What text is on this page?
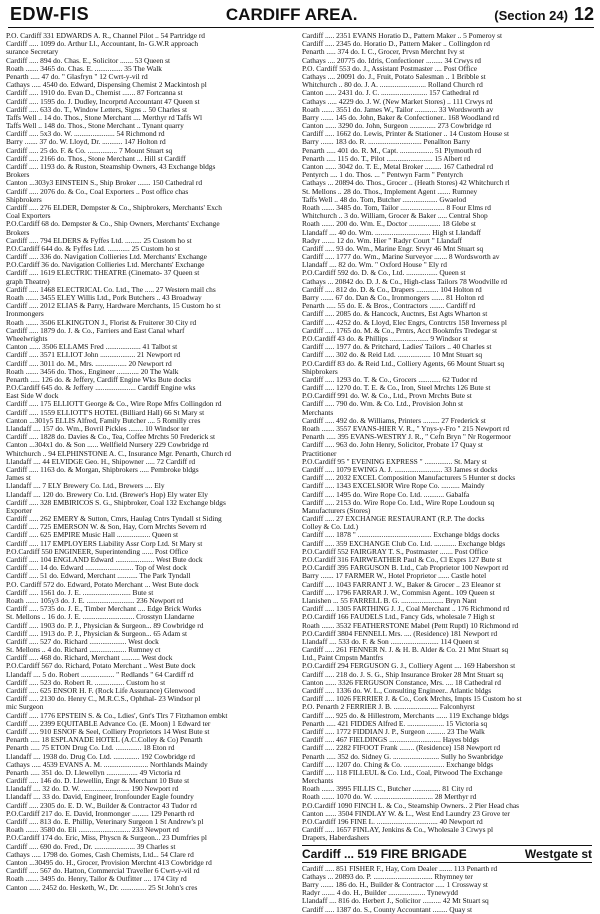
EDW-FIS	CARDIFF AREA.	(Section 24) 12
P.O. Cardiff 331 EDWARDS A. R., Channel Pilot .. 54 Partridge rd
Cardiff ..... 1099 do. Arthur Ll., Accountant, In- G.W.R approach
surance Secretary
Cardiff ..... 894 do. Chas. E., Solicitor ....... 53 Queen st
Roath ....... 3465 do. Chas. E. ............... 35 The Walk
Penarth ..... 47 do. " Glasfryn " 12 Cwrt-y-vil rd
Cathays ..... 4540 do. Edward, Dispensing Chemist 2 Mackintosh pl
Cardiff ..... 1910 do. Evan D., Chemist ....... 87 Fortcanna st
Cardiff ..... 1595 do. J. Dudley, Incorprtd Accountant 47 Queen st
Cardiff ..... 633 do. T., Window Letters, Signs .. 50 Charles st
Taffs Well .. 14 do. Thos., Stone Merchant .... Merthyr rd Taffs Wl
Taffs Well .. 148 do. Thos., Stone Merchant .. Tynant quarry
Cardiff ..... 5x3 do. W. ...................... 54 Richmond rd
Barry ....... 37 do. W. Lloyd, Dr. ........... 147 Holton rd
Cardiff ..... 25 do. F. & Co. ................ 7 Mount Stuart sq
Cardiff ..... 2166 do. Thos., Stone Merchant ... Hill st Cardiff
Cardiff ..... 1193 do. & Ruston, Steamship Owners, 43 Exchange bldgs
Brokers
Canton ...303y3 EINSTEIN S., Ship Broker ....... 150 Cathedral rd
Cardiff ..... 2076 do. & Co., Coal Exporters .. Post office chas
Shipbrokers
Cardiff ..... 276 ELDER, Dempster & Co., Shipbrokers, Merchants' Exch
Coal Exporters
P.O.Cardiff 68 do. Dempster & Co., Ship Owners, Merchants' Exchange
Brokers
Cardiff ..... 794 ELDERS & Fyffes Ltd. ......... 25 Custom ho st
P.O.Cardiff 644 do. & Fyffes Ltd. ............ 25 Custom ho st
Cardiff ..... 336 do. Navigation Collieries Ltd. Merchants' Exchange
P.O.Cardiff 36 do. Navigation Collieries Ltd. Merchants' Exchange
Cardiff ..... 1619 ELECTRIC THEATRE (Cinemato- 37 Queen st
graph Theatre)
Cardiff ..... 1468 ELECTRICAL Co. Ltd., The ..... 27 Western mail chs
Roath ....... 3455 ELEY Willis Ltd., Pork Butchers .. 43 Broadway
Cardiff ..... 2012 ELIAS & Parry, Hardware Merchants, 15 Custom ho st
Ironmongers
Roath ....... 3506 ELKINGTON J., Florist & Fruiterer 30 City rd
Cardiff ..... 1879 do. J. & Co., Farriers and East Canal wharf
Wheelwrights
Canton ...... 3506 ELLAMS Fred ................... 41 Talbot st
Cardiff ..... 3571 ELLIOT John ................... 21 Newport rd
Cardiff ..... 3011 do. M., Mrs. ................. 20 Newport rd
Roath ....... 3456 do. Thos., Engineer ............ 20 The Walk
Penarth ..... 126 do. & Jeffery, Cardiff Engine Wks Bute docks
P.O.Cardiff 645 do. & Jeffery ...................... Cardiff Engine wks
East Side W dock
Cardiff ..... 175 ELLIOTT George & Co., Wire Rope Mfrs Collingdon rd
Cardiff ..... 1559 ELLIOTT'S HOTEL (Billiard Hall) 66 St Mary st
Canton ...301y5 ELLIS Alfred, Family Butcher .... 5 Romilly cres
Llandaff .... 157 do. Wm., Bovril Pickles ........ 10 Windsor ter
Cardiff ..... 1828 do. Davies & Co., Tea, Coffee Mrchts 50 Frederick st
Canton ...304x1 do. & Son ...... Wellfield Nursery 229 Cowbridge rd
Whitchurch .. 94 ELPHINSTONE A. C., Insurance Mgr. Penarth, Church rd
Llandaff .... 44 ELVIDGE Geo. H., Shipowner ..... 72 Cardiff rd
Cardiff ..... 1163 do. & Morgan, Shipbrokers ..... Pembroke bldgs
James st
Llandaff .... 7 ELY Brewery Co. Ltd., Brewers .... Ely
Llandaff .... 120 do. Brewery Co. Ltd. (Brewer's Hop) Ely water Ely
Cardiff ..... 328 EMBIRICOS S. G., Shipbroker, Coal 132 Exchange bldgs
Exporter
Cardiff ..... 262 EMERY & Sutton, Cmrs, Haulag Cntrs Tyndall st Siding
Cardiff ..... 725 EMERSON W. & Son, Hay, Corn Mrchts Severn rd
Cardiff ..... 625 EMPIRE Music Hall .................. Queen st
Cardiff ..... 117 EMPLOYERS Liability Assr Corp Ltd. St Mary st
P.O.Cardiff 550 ENGINEER, Superintending ...... Post Office
Cardiff ..... 104 ENGLAND Edward ..................... West Bute dock
Cardiff ..... 14 do. Edward .......................... Top of West dock
Cardiff ..... 51 do. Edward, Merchant ........... The Park Tyndall
P.O. Cardiff 572 do. Edward, Potato Merchant ... West Bute dock
Cardiff ..... 1561 do. J. E. .......................... Bute st
Roath ....... 105y3 do. J. E. .......................... 236 Newport rd
Cardiff ..... 5735 do. J. E., Timber Merchant .... Edge Brick Works
St. Mellons .. 16 do. J. E. ............................ Crosstyn Llandarne
Cardiff ..... 1903 do. P. J., Physician & Surgeon... 89 Cowbridge rd
Cardiff ..... 1913 do. P. J., Physician & Surgeon... 65 Adam st
Cardiff ..... 527 do. Richard .................... West dock
St. Mellons .. 4 do. Richard .................... Rumney ct
Cardiff ..... 468 do. Richard, Merchant .......... West dock
P.O.Cardiff 567 do. Richard, Potato Merchant .. West Bute dock
Llandaff .... 5 do. Robert .................. " Redlands " 64 Cardiff rd
Cardiff ..... 523 do. Robert R. ................ Custom ho st
Cardiff ..... 625 ENSOR H. F. (Rock Life Assurance) Glenwood
Cardiff ..... 2130 do. Henry C., M.R.C.S., Ophthal- 23 Windsor pl
mic Surgeon
Cardiff ..... 1776 EPSTEIN S. & Co., Ldies', Gnt's Tlrs 7 Fitzhamon embkt
Cardiff ..... 2399 EQUITABLE Advance Co. (E. Moon) 1 Edward ter
Cardiff ..... 910 ESNOF & Seel, Colliery Proprietors 14 West Bute st
Penarth ..... 18 ESPLANADE HOTEL (A.C.Colley & Co) Penarth
Penarth ..... 75 ETON Drug Co. Ltd. .............. 18 Eton rd
Llandaff .... 1938 do. Drug Co. Ltd. .............. 192 Cowbridge rd
Cathays ..... 4539 EVANS A. M. ........................ Northlands Maindy
Penarth ..... 351 do. D. Llewellyn ................. 49 Victoria rd
Cardiff ..... 146 do. D. Llewellin, Engr & Merchant 10 Bute st
Llandaff .... 32 do. D. W. .......................... 190 Newport rd
Llandaff .... 33 do. David, Engineer, Ironfounder Eagle foundry
Cardiff ..... 2305 do. E. D. W., Builder & Contractor 43 Tudor rd
P.O.Cardiff 217 do. E. David, Ironmonger ......... 129 Penarth rd
Cardiff ..... 813 do. E. Phillip, Veterinary Surgeon 1 St Andrew's pl
Roath ....... 3580 do. Eli ............................ 233 Newport rd
P.O.Cardiff 174 do. Eric, Miss, Physcn & Surgeon... 23 Dumfries pl
Cardiff ..... 690 do. Fred., Dr. ...................... 39 Charles st
Cathays ..... 1798 do. Gomes, Cash Chemists, Ltd... 54 Clare rd
Canton ...30495 do. H., Grocer, Provision Merchnt 413 Cowbridge rd
Cardiff ..... 567 do. Hatton, Commercial Traveller 6 Cwrt-y-vil rd
Roath ....... 3495 do. Henry, Tailor & Outfitter .... 174 City rd
Canton ...... 2452 do. Hesketh, W., Dr. .............. 25 St John's cres
Cardiff ..... 2351 EVANS Horatio D., Pattern Maker .. 5 Pomeroy st
Cardiff ..... 2345 do. Horatio D., Pattern Maker .. Collingdon rd
Penarth ..... 374 do. I. C., Grocer, Prvsn Merchnt Ivy st
Cathays .... 20775 do. Idris, Confectioner ......... 34 Crwys rd
P.O. Cardiff 553 do. J., Assistant Postmaster .... Post Office
Cathays .... 20091 do. J., Fruit, Potato Salesman .. 1 Bribble st
Whitchurch .. 80 do. J. A. ......................... Rolland Church rd
Canton ...... 2431 do. J. C. ......................... 157 Cathedral rd
Cathays ..... 4229 do. J. W. (New Market Stores) .. 111 Crwys rd
Roath ....... 3551 do. James W., Tailor ............ 33 Wordsworth av
Barry ....... 145 do. John, Baker & Confectioner.. 168 Woodland rd
Canton ...... 3290 do. John, Surgeon .............. 273 Cowbridge rd
Cardiff ..... 1662 do. Lewis, Printer & Stationer .. 14 Custom House st
Barry ....... 183 do. R. ............................. Penallton Barry
Penarth ..... 401 do. R. M., Capt. .................. 51 Plymouth rd
Penarth ..... 115 do. T., Pilot ......................... 15 Albert rd
Canton ...... 3042 do. T. E., Metal Broker ......... 167 Cathedral rd
Pentyrch .... 1 do. Thos. ... " Pentwyn Farm " Pentyrch
Cathays ... 20894 do. Thos., Grocer .. (Heath Stores) 42 Whitchurch rl
St. Mellons .. 28 do. Thos., Implement Agent ....... Rumney
Taffs Well .. 48 do. Tom, Butcher ................... Gwaelod
Roath ....... 3485 do. Tom, Tailor ........................ 8 Four Elms rd
Whitchurch .. 3 do. William, Grocer & Baker ..... Central Shop
Roath ....... 200 do. Wm. E., Doctor ................. 18 Glebe st
Llandaff .... 40 do. Wm. .............................. High st Llandaff
Radyr ....... 12 do. Wm. Hier " Radyr Court " Llandaff
Cardiff ..... 93 do. Wm., Marine Engr. Srvyr 46 Mnt Stuart sq
Cardiff ..... 1777 do. Wm., Marine Surveyor ....... 8 Wordsworth av
Llandaff .... 82 do. Wm. " Oxford House " Ely rd
P.O.Cardiff 592 do. D. & Co., Ltd. ................. Queen st
Cathays ... 20842 do. D. J. & Co., High-class Tailors 78 Woodville rd
Cardiff ..... 812 do. D. & Co., Drapers ............ 104 Holton rd
Barry ....... 67 do. Dan & Co., Ironmongers ....... 81 Holton rd
Penarth ..... 55 do. E. & Bros., Contractors ........ Cardiff rd
Cardiff ..... 2085 do. & Hancock, Auctnrs, Est Agts Wharton st
Cardiff ..... 4252 do. & Lloyd, Elec Engrs, Contrctrs 158 Inverness pl
Cardiff ..... 1765 do. M. & Co., Prntrs, Acct Bookmfrs Tredegar st
P.O.Cardiff 43 do. & Phillips ..................... 9 Windsor st
Cardiff ..... 1977 do. & Pritchard, Ladies' Tailors .. 40 Charles st
Cardiff ..... 302 do. & Reid Ltd. .................. 10 Mnt Stuart sq
P.O.Cardiff 83 do. & Reid Ltd., Colliery Agents, 66 Mount Stuart sq
Shipbrokers
Cardiff ..... 1293 do. T. & Co., Grocers ............ 62 Tudor rd
Cardiff ..... 1270 do. T. E. & Co., Iron, Steel Mrchts 126 Bute st
P.O.Cardiff 991 do. W. & Co., Ltd., Provn Mrchts Bute st
Cardiff ..... 790 do. Wm. & Co. Ltd., Provision John st
Merchants
Cardiff ..... 492 do. & Williams, Printers ......... 27 Frederick st
Roath ....... 3557 EVANS-HIER V. R., " Ynys-y-Fro " 215 Newport rd
Penarth ..... 395 EVANS-WESTRY J. R., " Cefn Bryn " Nr Rogermoor
Cardiff ..... 963 do. John Henry, Solicitor, Probate 17 Quay st
Practitioner
P.O.Cardiff 95 " EVENING EXPRESS " ............... St. Mary st
Cardiff ..... 1079 EWING A. J. .......................... 33 James st docks
Cardiff ..... 2032 EXCEL Composition Manufacturers 5 Hunter st docks
Cardiff ..... 1343 EXCELSIOR Wire Rope Co. .......... Maindy
Cardiff ..... 1495 do. Wire Rope Co. Ltd. ........... Gabalfa
Cardiff ..... 2153 do. Wire Rope Co. Ltd., Wire Rope Loudoun sq
Manufacturers (Stores)
Cardiff ..... 27 EXCHANGE RESTAURANT (R.P. The docks
Colley & Co. Ltd.)
Cardiff ..... 1878 " ........................................ Exchange bldgs docks
Cardiff ..... 359 EXCHANGE Club Co. Ltd. ............ Exchange bldgs
P.O.Cardiff 552 FAIRGRAY T. S., Postmaster ....... Post Office
P.O.Cardiff 316 FAIRWEATHER Paul & Co., Cl Exprs 127 Bute st
P.O.Cardiff 395 FARGUSON B. Ltd., Cab Proprietor 100 Newport rd
Barry ....... 17 FARMER W., Hotel Proprietor ...... Castle hotel
Cardiff ..... 1043 FARRANT J. W., Baker & Grocer .. 23 Eleanor st
Cardiff ..... 1796 FARRAR J. W., Commisn Agent.. 109 Queen st
Llanishen ... 55 FARRELL B. G. ....................... Bryn Nant
Cardiff ..... 1305 FARTHING J. J., Coal Merchant .. 176 Richmond rd
P.O.Cardiff 166 FAUDELS Ltd., Fancy Gds, wholesale 7 High st
Roath ....... 3532 FEATHERSTONE Mabel (Pettt Ruptl) 10 Richmond rd
P.O.Cardiff 3804 FENNELL Mrs. .... (Residence) 181 Newport rd
Llandaff .... 533 do. F. & Son .......................... 114 Queen st
Cardiff ..... 261 FENNER N. J. & H. B. Alder & Co. 21 Mnt Stuart sq
Ltd., Paint Cmpstn Mantfrs
P.O.Cardiff 294 FERGUSON G. J., Colliery Agent .... 169 Habershon st
Cardiff ..... 218 do. J. S. G., Ship Insurance Broker 28 Mnt Stuart sq
Canton ...... 3326 FERGUSON Constance, Mrs. .... 18 Cathedral rd
Cardiff ..... 1336 do. W. L., Consulting Engineer.. Atlantic bldgs
Cardiff ..... 1026 FERRIER J. & Co., Cork Mrchts, Impts 15 Custom ho st
P.O. Penarth 2 FERRIER J. B. ........................ Falconhyrst
Cardiff ..... 925 do. & Hillestrom, Merchants ...... 119 Exchange bldgs
Penarth ..... 421 FIDDES Alfred E. .................... 15 Victoria sq
Cardiff ..... 1772 FIDDIAN J. P., Surgeon .......... 23 The Walk
Cardiff ..... 467 FIELDINGS ............................ Hayes bldgs
Cardiff ..... 2282 FIFOOT Frank ........ (Residence) 158 Newport rd
Penarth ..... 352 do. Sidney G. ......................... Sully ho Swanbridge
Cardiff ..... 1207 do. Ching & Co. ...................... Exchange bldgs
Cardiff ..... 118 FILLEUL & Co. Ltd., Coal, Pitwood The Exchange
Merchants
Roath ....... 3995 FILLIS C., Butcher ............... 81 City rd
Roath ....... 1070 do. W. ................................ 28 Merthyr rd
P.O.Cardiff 1090 FINCH L. & Co., Steamship Owners.. 2 Pier Head chas
Canton ...... 3504 FINDLAY W. & L., West End Laundry 23 Grove ter
P.O.Cardiff 196 FINE L. ................................. 40 Newport rd
Cardiff ..... 1657 FINLAY, Jenkins & Co., Wholesale 3 Crwys pl
Drapers, Haberdashers
Cardiff ... 519 FIRE BRIGADE	Westgate st
Cardiff ..... 851 FISHER F., Hay, Corn Dealer ....... 113 Penarth rd
Cathays ... 20893 do. P. ................................ Rhymney ter
Barry ....... 186 do. H., Builder & Contractor ..... 1 Crossway st
Radyr ....... 4 do. H., Builder .................... Tynewydd
Llandaff .... 816 do. Herbert J., Solicitor .......... 42 Mt Stuart sq
Cardiff ..... 1387 do. S., County Accountant ........ Quay st
